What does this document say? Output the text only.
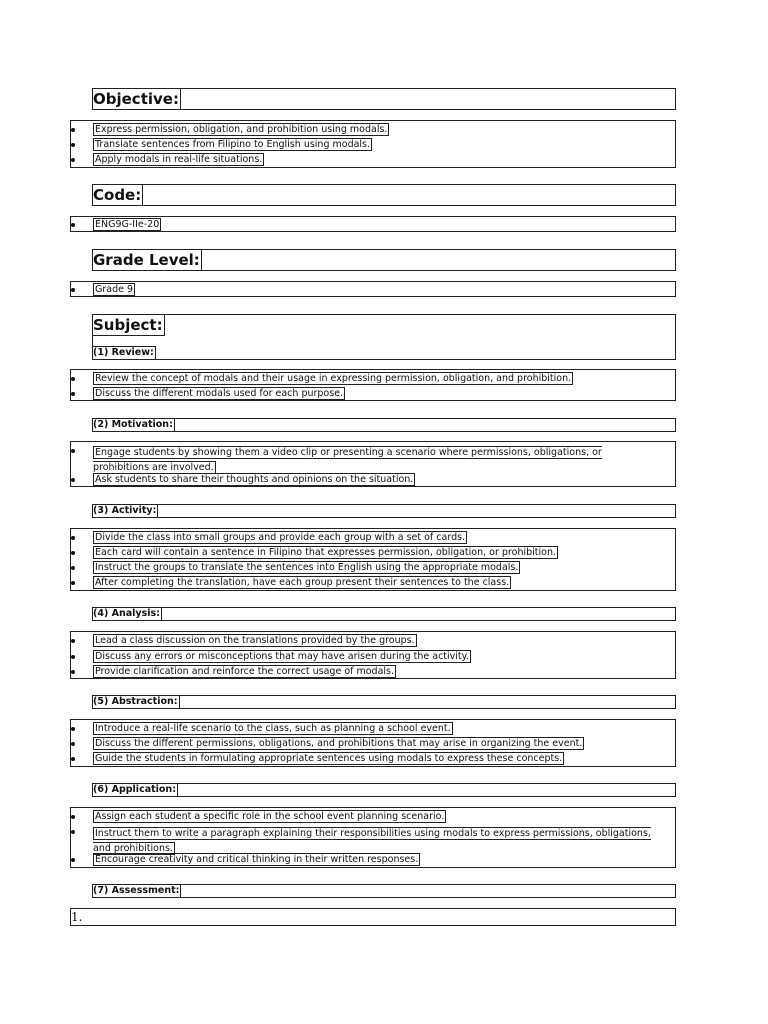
Objective:
Express permission, obligation, and prohibition using modals.
Translate sentences from Filipino to English using modals.
Apply modals in real-life situations.
Code:
ENG9G-IIe-20
Grade Level:
Grade 9
Subject:
(1) Review:
Review the concept of modals and their usage in expressing permission, obligation, and prohibition.
Discuss the different modals used for each purpose.
(2) Motivation:
Engage students by showing them a video clip or presenting a scenario where permissions, obligations, or prohibitions are involved.
Ask students to share their thoughts and opinions on the situation.
(3) Activity:
Divide the class into small groups and provide each group with a set of cards.
Each card will contain a sentence in Filipino that expresses permission, obligation, or prohibition.
Instruct the groups to translate the sentences into English using the appropriate modals.
After completing the translation, have each group present their sentences to the class.
(4) Analysis:
Lead a class discussion on the translations provided by the groups.
Discuss any errors or misconceptions that may have arisen during the activity.
Provide clarification and reinforce the correct usage of modals.
(5) Abstraction:
Introduce a real-life scenario to the class, such as planning a school event.
Discuss the different permissions, obligations, and prohibitions that may arise in organizing the event.
Guide the students in formulating appropriate sentences using modals to express these concepts.
(6) Application:
Assign each student a specific role in the school event planning scenario.
Instruct them to write a paragraph explaining their responsibilities using modals to express permissions, obligations, and prohibitions.
Encourage creativity and critical thinking in their written responses.
(7) Assessment:
1.
